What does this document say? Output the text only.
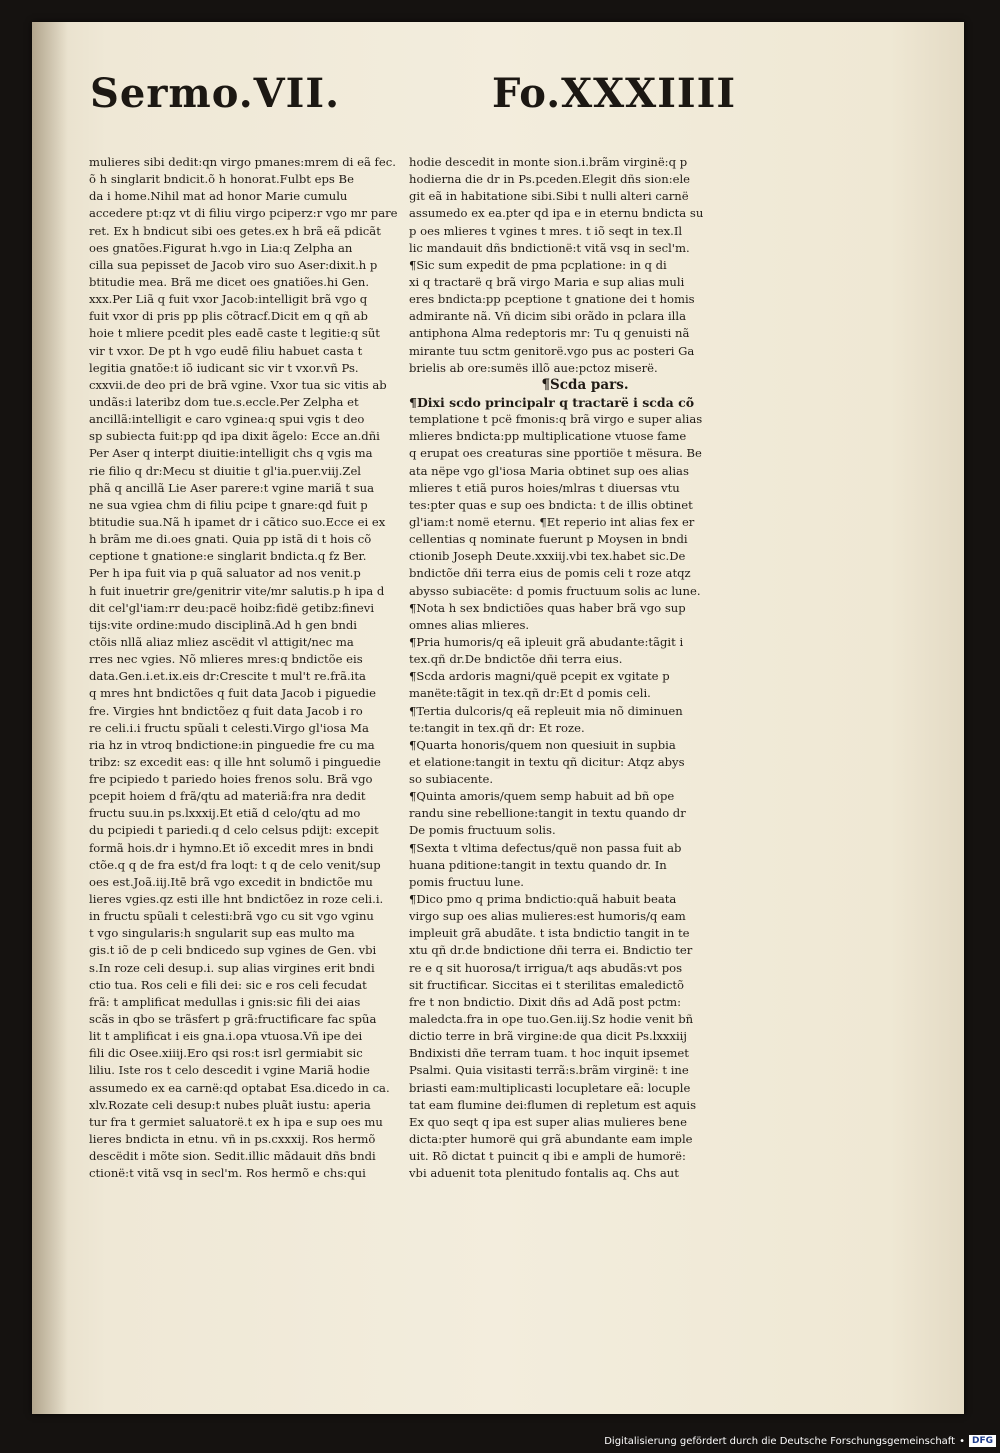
Sermo.VII.	Fo.XXXIIII
mulieres sibi dedit:qn virgo pmanes:mrem di eã fec.
õ h singlarit bndicit.õ h honorat.Fulbt eps Be
da i home.Nihil mat ad honor Marie cumulu
accedere pt:qz vt di filiu virgo pciperz:r vgo mr pare
ret. Ex h bndicut sibi oes getes.ex h brã eã pdicãt
oes gnatões.Figurat h.vgo in Lia:q Zelpha an
cilla sua pepisset de Jacob viro suo Aser:dixit.h p
btitudie mea. Brã me dicet oes gnatiões.hi Gen.
xxx.Per Liã q fuit vxor Jacob:intelligit brã vgo q
fuit vxor di pris pp plis cõtracf.Dicit em q qñ ab
hoie t mliere pcedit ples eadē caste t legitie:q sũt
vir t vxor. De pt h vgo eudē filiu habuet casta t
legitia gnatõe:t iõ iudicant sic vir t vxor.vñ Ps.
cxxvii.de deo pri de brã vgine. Vxor tua sic vitis ab
undãs:i lateribz dom tue.s.eccle.Per Zelpha et
ancillã:intelligit e caro vginea:q spui vgis t deo
sp subiecta fuit:pp qd ipa dixit ãgelo: Ecce an.dñi
Per Aser q interpt diuitie:intelligit chs q vgis ma
rie filio q dr:Mecu st diuitie t gl'ia.puer.viij.Zel
phã q ancillã Lie Aser parere:t vgine mariã t sua
ne sua vgiea chm di filiu pcipe t gnare:qd fuit p
btitudie sua.Nã h ipamet dr i cãtico suo.Ecce ei ex
h brãm me di.oes gnati. Quia pp istã di t hois cõ
ceptione t gnatione:e singlarit bndicta.q fz Ber.
Per h ipa fuit via p quã saluator ad nos venit.p
h fuit inuetrir gre/genitrir vite/mr salutis.p h ipa d
dit cel'gl'iam:rr deu:pacë hoibz:fidë getibz:finevi
tijs:vite ordine:mudo disciplinã.Ad h gen bndi
ctõis nllã aliaz mliez ascëdit vl attigit/nec ma
rres nec vgies. Nõ mlieres mres:q bndictõe eis
data.Gen.i.et.ix.eis dr:Crescite t mul't re.frã.ita
q mres hnt bndictões q fuit data Jacob i piguedie
fre. Virgies hnt bndictõez q fuit data Jacob i ro
re celi.i.i fructu spũali t celesti.Virgo gl'iosa Ma
ria hz in vtroq bndictione:in pinguedie fre cu ma
tribz: sz excedit eas: q ille hnt solumõ i pinguedie
fre pcipiedo t pariedo hoies frenos solu. Brã vgo
pcepit hoiem d frã/qtu ad materiã:fra nra dedit
fructu suu.in ps.lxxxij.Et etiã d celo/qtu ad mo
du pcipiedi t pariedi.q d celo celsus pdijt: excepit
formã hois.dr i hymno.Et iõ excedit mres in bndi
ctõe.q q de fra est/d fra loqt: t q de celo venit/sup
oes est.Joã.iij.Itē brã vgo excedit in bndictõe mu
lieres vgies.qz esti ille hnt bndictõez in roze celi.i.
in fructu spũali t celesti:brã vgo cu sit vgo vginu
t vgo singularis:h sngularit sup eas multo ma
gis.t iõ de p celi bndicedo sup vgines de Gen. vbi
s.In roze celi desup.i. sup alias virgines erit bndi
ctio tua. Ros celi e fili dei: sic e ros celi fecudat
frã: t amplificat medullas i gnis:sic fili dei aias
scãs in qbo se trãsfert p grã:fructificare fac spũa
lit t amplificat i eis gna.i.opa vtuosa.Vñ ipe dei
fili dic Osee.xiiij.Ero qsi ros:t isrl germiabit sic
liliu. Iste ros t celo descedit i vgine Mariã hodie
assumedo ex ea carnë:qd optabat Esa.dicedo in ca.
xlv.Rozate celi desup:t nubes pluãt iustu: aperia
tur fra t germiet saluatorë.t ex h ipa e sup oes mu
lieres bndicta in etnu. vñ in ps.cxxxij. Ros hermõ
descëdit i mõte sion. Sedit.illic mãdauit dñs bndi
ctionë:t vitã vsq in secl'm. Ros hermõ e chs:qui
hodie descedit in monte sion.i.brãm virginë:q p
hodierna die dr in Ps.pceden.Elegit dñs sion:ele
git eã in habitatione sibi.Sibi t nulli alteri carnë
assumedo ex ea.pter qd ipa e in eternu bndicta su
p oes mlieres t vgines t mres. t iõ seqt in tex.Il
lic mandauit dñs bndictionë:t vitã vsq in secl'm.
¶Sic sum expedit de pma pcplatione: in q di
xi q tractarë q brã virgo Maria e sup alias muli
eres bndicta:pp pceptione t gnatione dei t homis
admirante nã. Vñ dicim sibi orãdo in pclara illa
antiphona Alma redeptoris mr: Tu q genuisti nã
mirante tuu sctm genitorë.vgo pus ac posteri Ga
brielis ab ore:sumës illõ aue:pctoz miserë.
¶Scda pars.
¶Dixi scdo principalr q tractarë i scda cõ
templatione t pcë fmonis:q brã virgo e super alias
mlieres bndicta:pp multiplicatione vtuose fame
q erupat oes creaturas sine pportiöe t mësura. Be
ata nëpe vgo gl'iosa Maria obtinet sup oes alias
mlieres t etiã puros hoies/mlras t diuersas vtu
tes:pter quas e sup oes bndicta: t de illis obtinet
gl'iam:t nomë eternu. ¶Et reperio int alias fex er
cellentias q nominate fuerunt p Moysen in bndi
ctionib Joseph Deute.xxxiij.vbi tex.habet sic.De
bndictõe dñi terra eius de pomis celi t roze atqz
abysso subiacëte: d pomis fructuum solis ac lune.
¶Nota h sex bndictiões quas haber brã vgo sup
omnes alias mlieres.
¶Pria humoris/q eã ipleuit grã abudante:tãgit i
tex.qñ dr.De bndictõe dñi terra eius.
¶Scda ardoris magni/quë pcepit ex vgitate p
manëte:tãgit in tex.qñ dr:Et d pomis celi.
¶Tertia dulcoris/q eã repleuit mia nõ diminuen
te:tangit in tex.qñ dr: Et roze.
¶Quarta honoris/quem non quesiuit in supbia
et elatione:tangit in textu qñ dicitur: Atqz abys
so subiacente.
¶Quinta amoris/quem semp habuit ad bñ ope
randu sine rebellione:tangit in textu quando dr
De pomis fructuum solis.
¶Sexta t vltima defectus/quë non passa fuit ab
huana pditione:tangit in textu quando dr. In
pomis fructuu lune.
¶Dico pmo q prima bndictio:quã habuit beata
virgo sup oes alias mulieres:est humoris/q eam
impleuit grã abudãte. t ista bndictio tangit in te
xtu qñ dr.de bndictione dñi terra ei. Bndictio ter
re e q sit huorosa/t irrigua/t aqs abudãs:vt pos
sit fructificar. Siccitas ei t sterilitas emaledictõ
fre t non bndictio. Dixit dñs ad Adã post pctm:
maledcta.fra in ope tuo.Gen.iij.Sz hodie venit bñ
dictio terre in brã virgine:de qua dicit Ps.lxxxiij
Bndixisti dñe terram tuam. t hoc inquit ipsemet
Psalmi. Quia visitasti terrã:s.brãm virginë: t ine
briasti eam:multiplicasti locupletare eã: locuple
tat eam flumine dei:flumen di repletum est aquis
Ex quo seqt q ipa est super alias mulieres bene
dicta:pter humorë qui grã abundante eam imple
uit. Rõ dictat t puincit q ibi e ampli de humorë:
vbi aduenit tota plenitudo fontalis aq. Chs aut
Digitalisierung gefördert durch die Deutsche Forschungsgemeinschaft • DFG
